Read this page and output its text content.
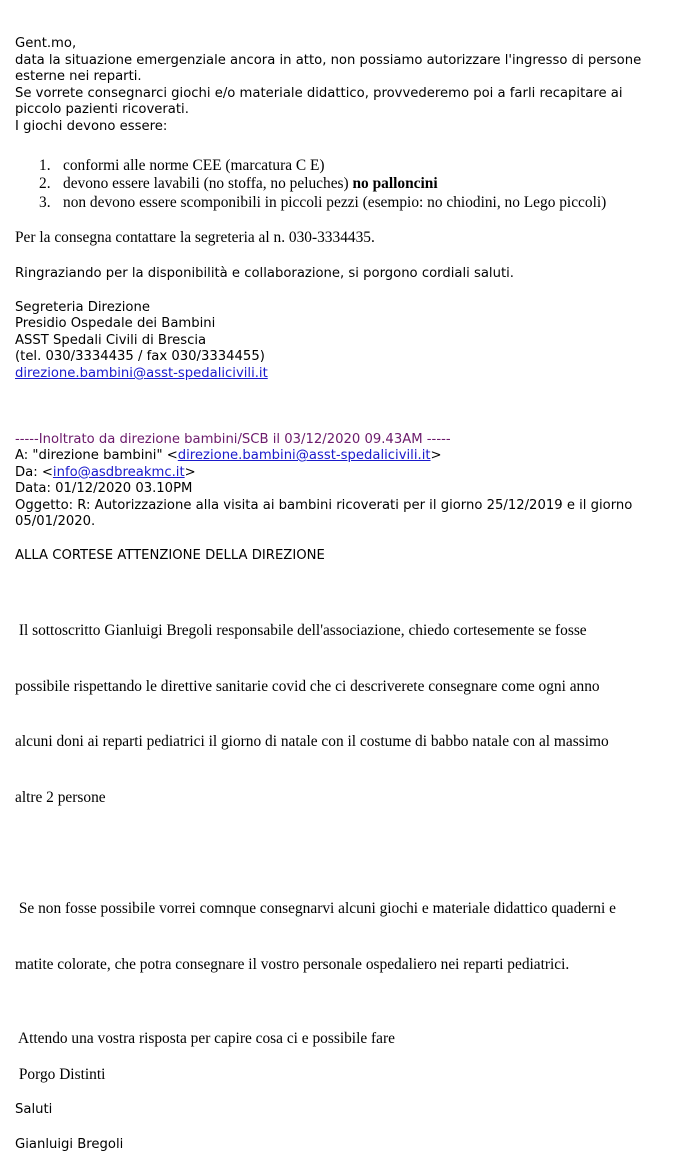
Gent.mo,

data la situazione emergenziale ancora in atto, non possiamo autorizzare l'ingresso di persone

esterne nei reparti.

Se vorrete consegnarci giochi e/o materiale didattico, provvederemo poi a farli recapitare ai

piccolo pazienti ricoverati.

I giochi devono essere:

1. conformi alle norme CEE (marcatura C E)
2. devono essere lavabili (no stoffa, no peluches) no palloncini
3. non devono essere scomponibili in piccoli pezzi (esempio: no chiodini, no Lego piccoli)

Per la consegna contattare la segreteria al n. 030-3334435.

Ringraziando per la disponibilità e collaborazione, si porgono cordiali saluti.

Segreteria Direzione

Presidio Ospedale dei Bambini

ASST Spedali Civili di Brescia

(tel. 030/3334435 / fax 030/3334455)

direzione.bambini@asst-spedalicivili.it

-----Inoltrato da direzione bambini/SCB il 03/12/2020 09.43AM -----

A: "direzione bambini" <direzione.bambini@asst-spedalicivili.it>

Da: <info@asdbreakmc.it>

Data: 01/12/2020 03.10PM

Oggetto: R: Autorizzazione alla visita ai bambini ricoverati per il giorno 25/12/2019 e il giorno

05/01/2020.

ALLA CORTESE ATTENZIONE DELLA DIREZIONE

Il sottoscritto Gianluigi Bregoli responsabile dell'associazione, chiedo cortesemente se fosse

possibile rispettando le direttive sanitarie covid che ci descriverete consegnare come ogni anno

alcuni doni ai reparti pediatrici il giorno di natale con il costume di babbo natale con al massimo

altre 2 persone

Se non fosse possibile vorrei comnque consegnarvi alcuni giochi e materiale didattico quaderni e

matite colorate, che potra consegnare il vostro personale ospedaliero nei reparti pediatrici.

Attendo una vostra risposta per capire cosa ci e possibile fare

Porgo Distinti

Saluti

Gianluigi Bregoli
